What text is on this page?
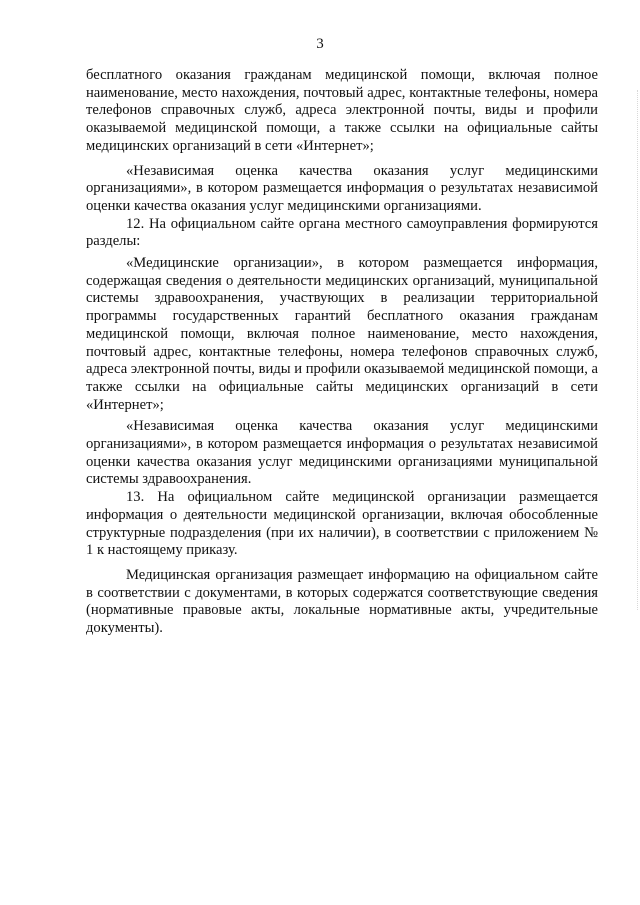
3

бесплатного оказания гражданам медицинской помощи, включая полное наименование, место нахождения, почтовый адрес, контактные телефоны, номера телефонов справочных служб, адреса электронной почты, виды и профили оказываемой медицинской помощи, а также ссылки на официальные сайты медицинских организаций в сети «Интернет»;

«Независимая оценка качества оказания услуг медицинскими организациями», в котором размещается информация о результатах независимой оценки качества оказания услуг медицинскими организациями.

12. На официальном сайте органа местного самоуправления формируются разделы:

«Медицинские организации», в котором размещается информация, содержащая сведения о деятельности медицинских организаций, муниципальной системы здравоохранения, участвующих в реализации территориальной программы государственных гарантий бесплатного оказания гражданам медицинской помощи, включая полное наименование, место нахождения, почтовый адрес, контактные телефоны, номера телефонов справочных служб, адреса электронной почты, виды и профили оказываемой медицинской помощи, а также ссылки на официальные сайты медицинских организаций в сети «Интернет»;

«Независимая оценка качества оказания услуг медицинскими организациями», в котором размещается информация о результатах независимой оценки качества оказания услуг медицинскими организациями муниципальной системы здравоохранения.

13. На официальном сайте медицинской организации размещается информация о деятельности медицинской организации, включая обособленные структурные подразделения (при их наличии), в соответствии с приложением № 1 к настоящему приказу.

Медицинская организация размещает информацию на официальном сайте в соответствии с документами, в которых содержатся соответствующие сведения (нормативные правовые акты, локальные нормативные акты, учредительные документы).
